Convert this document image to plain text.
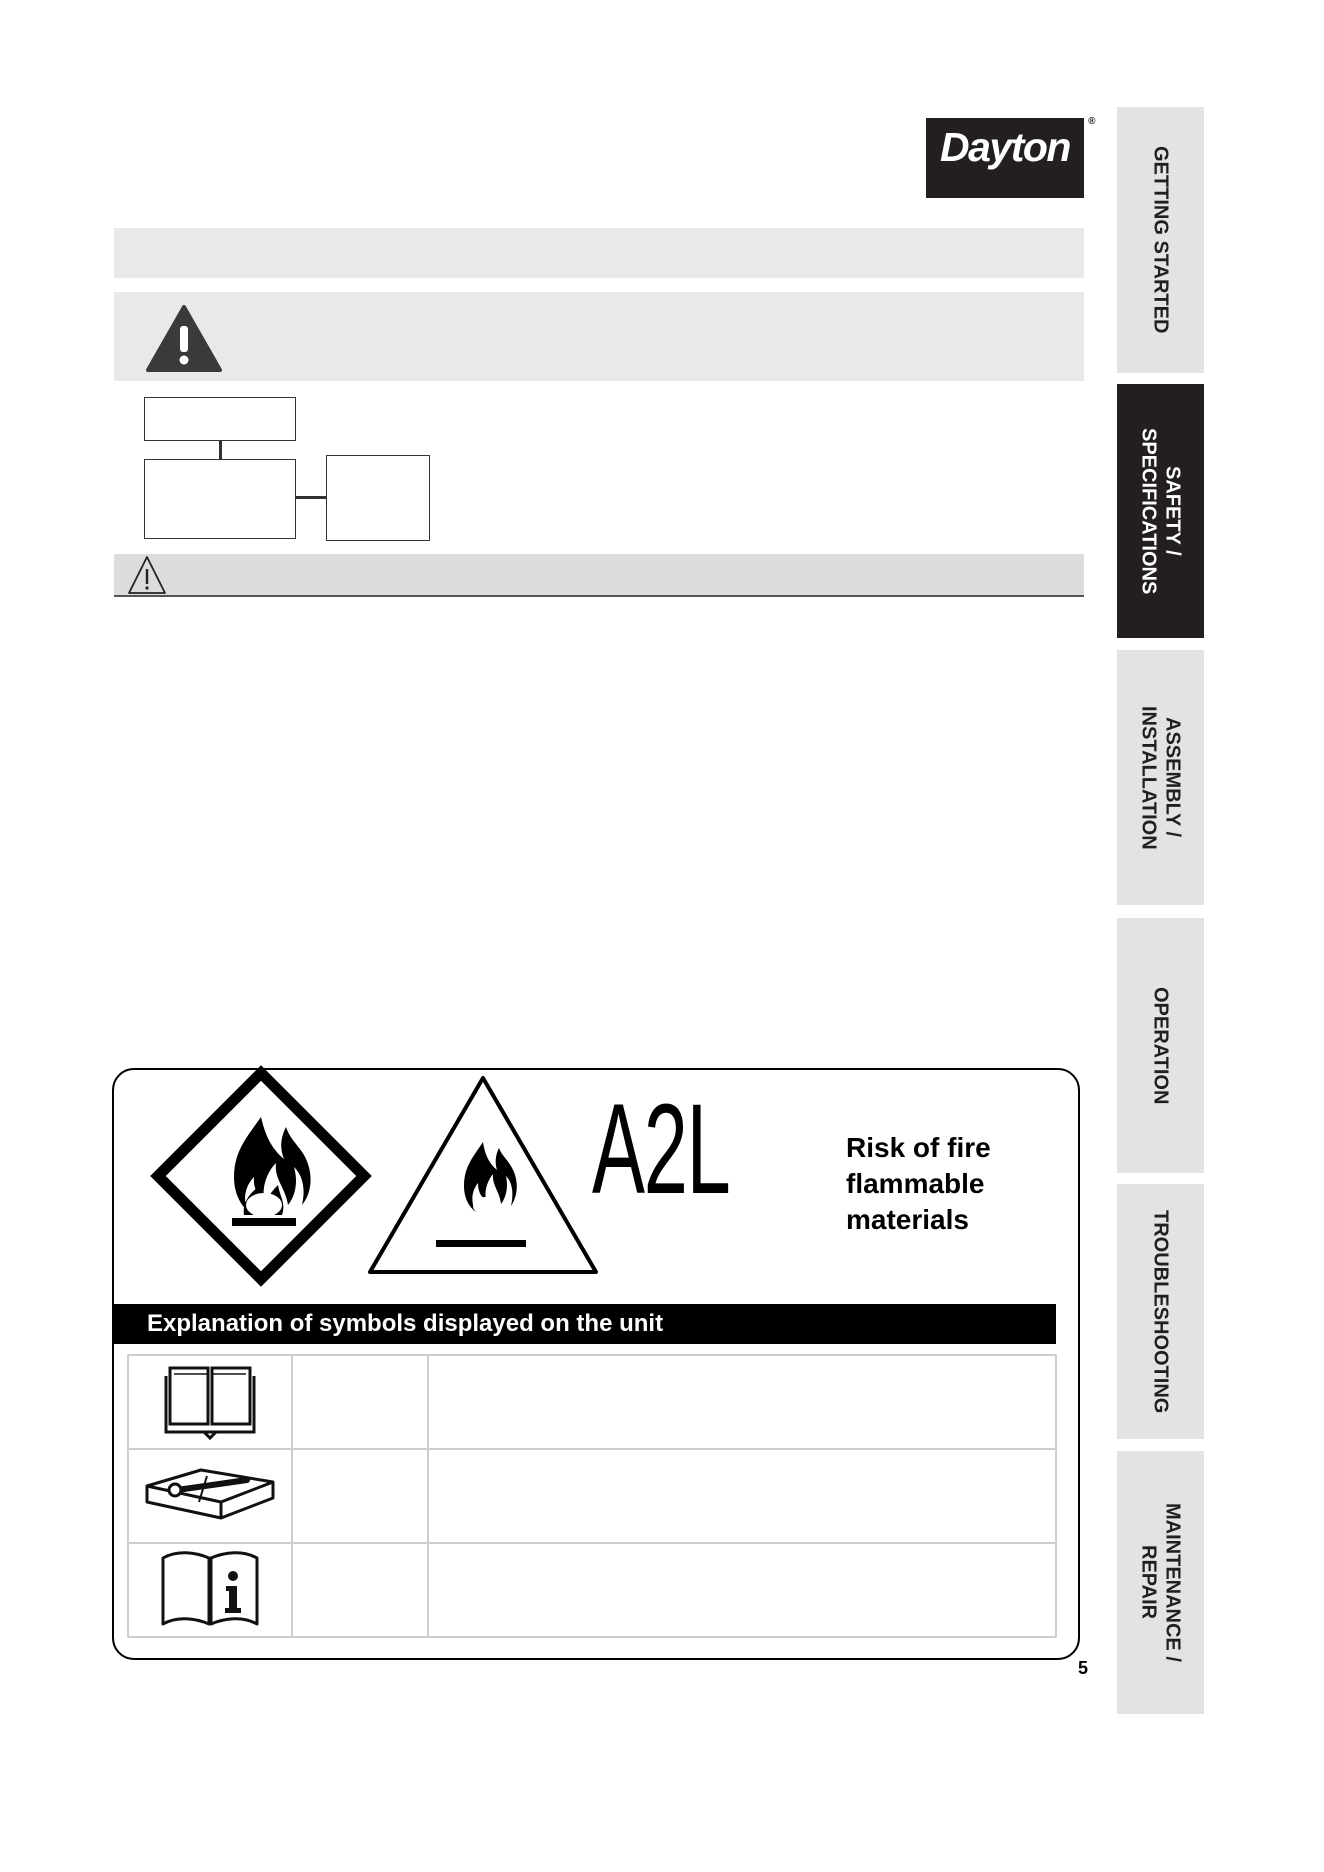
Dayton
®
GETTING STARTED
SAFETY /
SPECIFICATIONS
ASSEMBLY /
INSTALLATION
OPERATION
TROUBLESHOOTING
MAINTENANCE /
REPAIR
A2L	Risk of fire
flammable
materials
Explanation of symbols displayed on the unit

5
